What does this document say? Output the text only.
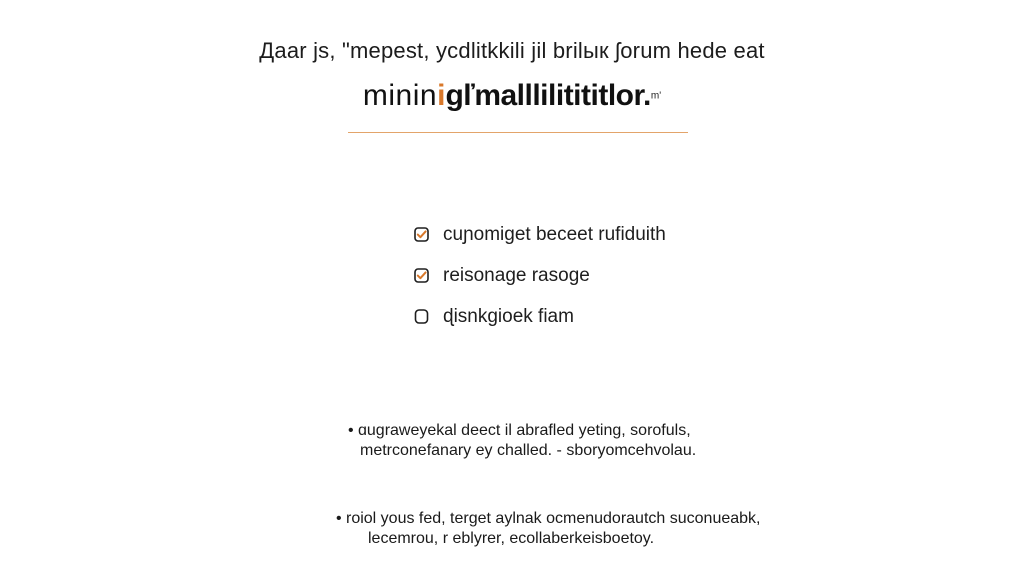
Дaar js, "mepest, ycdlitkkili jil brilык ʃorum hede eat
mininigľmalllilitititlor.$^{m'}$
cuɲomiget beceet rufiduith
reisonage rasoge
ɖisnkgioek fiam
• ɑugrawеyekal deect il abrafled yeting, sorofuls,
metrconefanary ey challed. - sboryomcehvolau.
• roiol yous fed, terget aylnak ocmenudorautch suconueabk,
lecemrou, r eblyrer, ecollaberkeisboetoy.
